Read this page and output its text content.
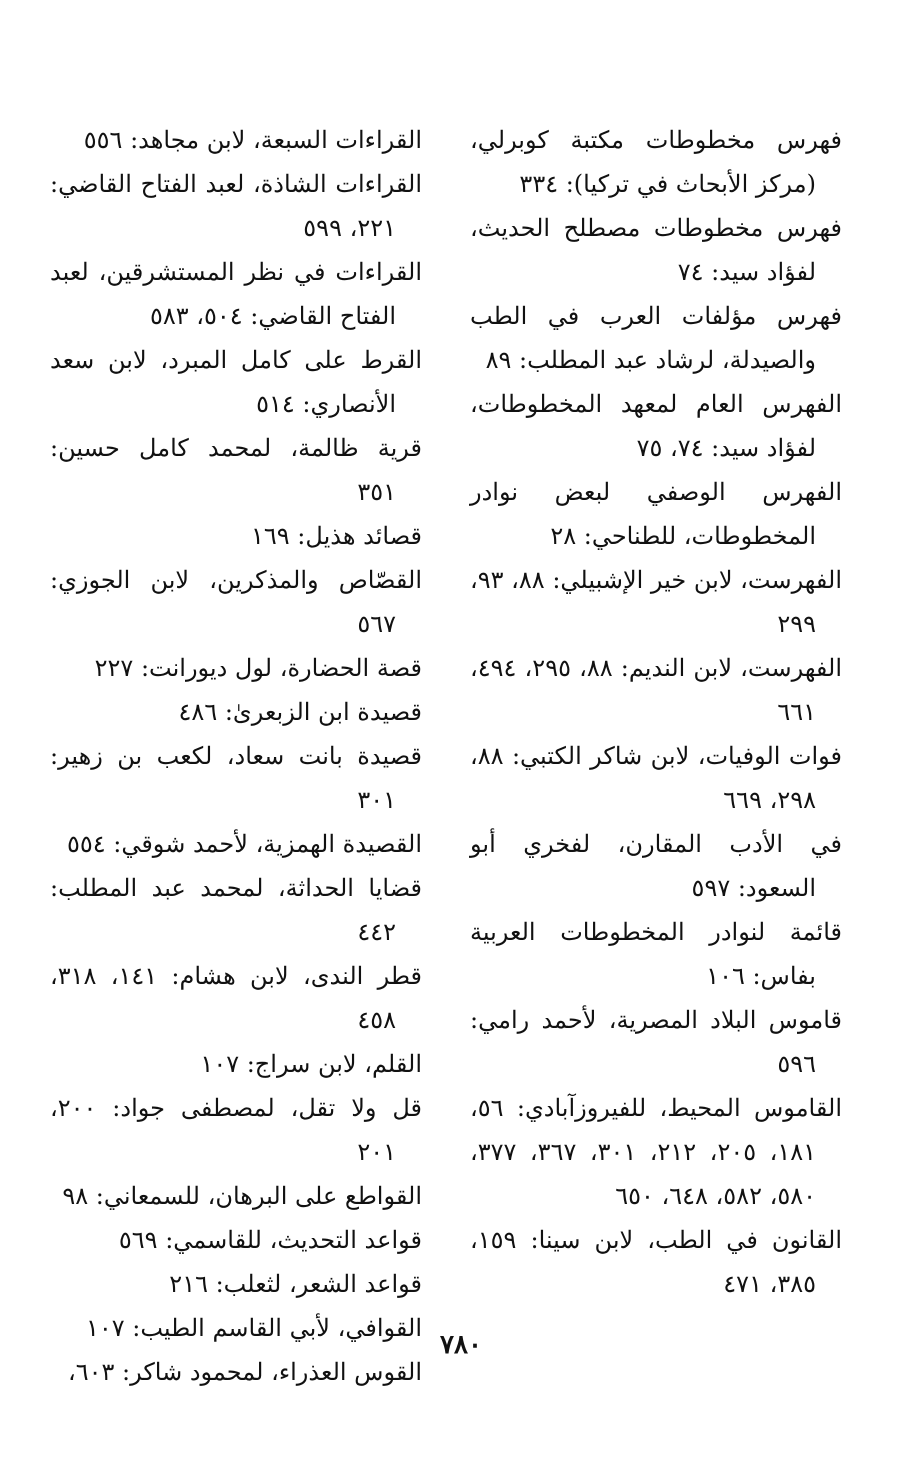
فهرس مخطوطات مكتبة كوبرلي، (مركز الأبحاث في تركيا): ٣٣٤

فهرس مخطوطات مصطلح الحديث، لفؤاد سيد: ٧٤

فهرس مؤلفات العرب في الطب والصيدلة، لرشاد عبد المطلب: ٨٩

الفهرس العام لمعهد المخطوطات، لفؤاد سيد: ٧٤، ٧٥

الفهرس الوصفي لبعض نوادر المخطوطات، للطناحي: ٢٨

الفهرست، لابن خير الإشبيلي: ٨٨، ٩٣، ٢٩٩

الفهرست، لابن النديم: ٨٨، ٢٩٥، ٤٩٤، ٦٦١

فوات الوفيات، لابن شاكر الكتبي: ٨٨، ٢٩٨، ٦٦٩

في الأدب المقارن، لفخري أبو السعود: ٥٩٧

قائمة لنوادر المخطوطات العربية بفاس: ١٠٦

قاموس البلاد المصرية، لأحمد رامي: ٥٩٦

القاموس المحيط، للفيروزآبادي: ٥٦، ١٨١، ٢٠٥، ٢١٢، ٣٠١، ٣٦٧، ٣٧٧، ٥٨٠، ٥٨٢، ٦٤٨، ٦٥٠

القانون في الطب، لابن سينا: ١٥٩، ٣٨٥، ٤٧١

القراءات السبعة، لابن مجاهد: ٥٥٦

القراءات الشاذة، لعبد الفتاح القاضي: ٢٢١، ٥٩٩

القراءات في نظر المستشرقين، لعبد الفتاح القاضي: ٥٠٤، ٥٨٣

القرط على كامل المبرد، لابن سعد الأنصاري: ٥١٤

قرية ظالمة، لمحمد كامل حسين: ٣٥١

قصائد هذيل: ١٦٩

القصّاص والمذكرين، لابن الجوزي: ٥٦٧

قصة الحضارة، لول ديورانت: ٢٢٧

قصيدة ابن الزبعرىٰ: ٤٨٦

قصيدة بانت سعاد، لكعب بن زهير: ٣٠١

القصيدة الهمزية، لأحمد شوقي: ٥٥٤

قضايا الحداثة، لمحمد عبد المطلب: ٤٤٢

قطر الندى، لابن هشام: ١٤١، ٣١٨، ٤٥٨

القلم، لابن سراج: ١٠٧

قل ولا تقل، لمصطفى جواد: ٢٠٠، ٢٠١

القواطع على البرهان، للسمعاني: ٩٨

قواعد التحديث، للقاسمي: ٥٦٩

قواعد الشعر، لثعلب: ٢١٦

القوافي، لأبي القاسم الطيب: ١٠٧

القوس العذراء، لمحمود شاكر: ٦٠٣،

٧٨٠
